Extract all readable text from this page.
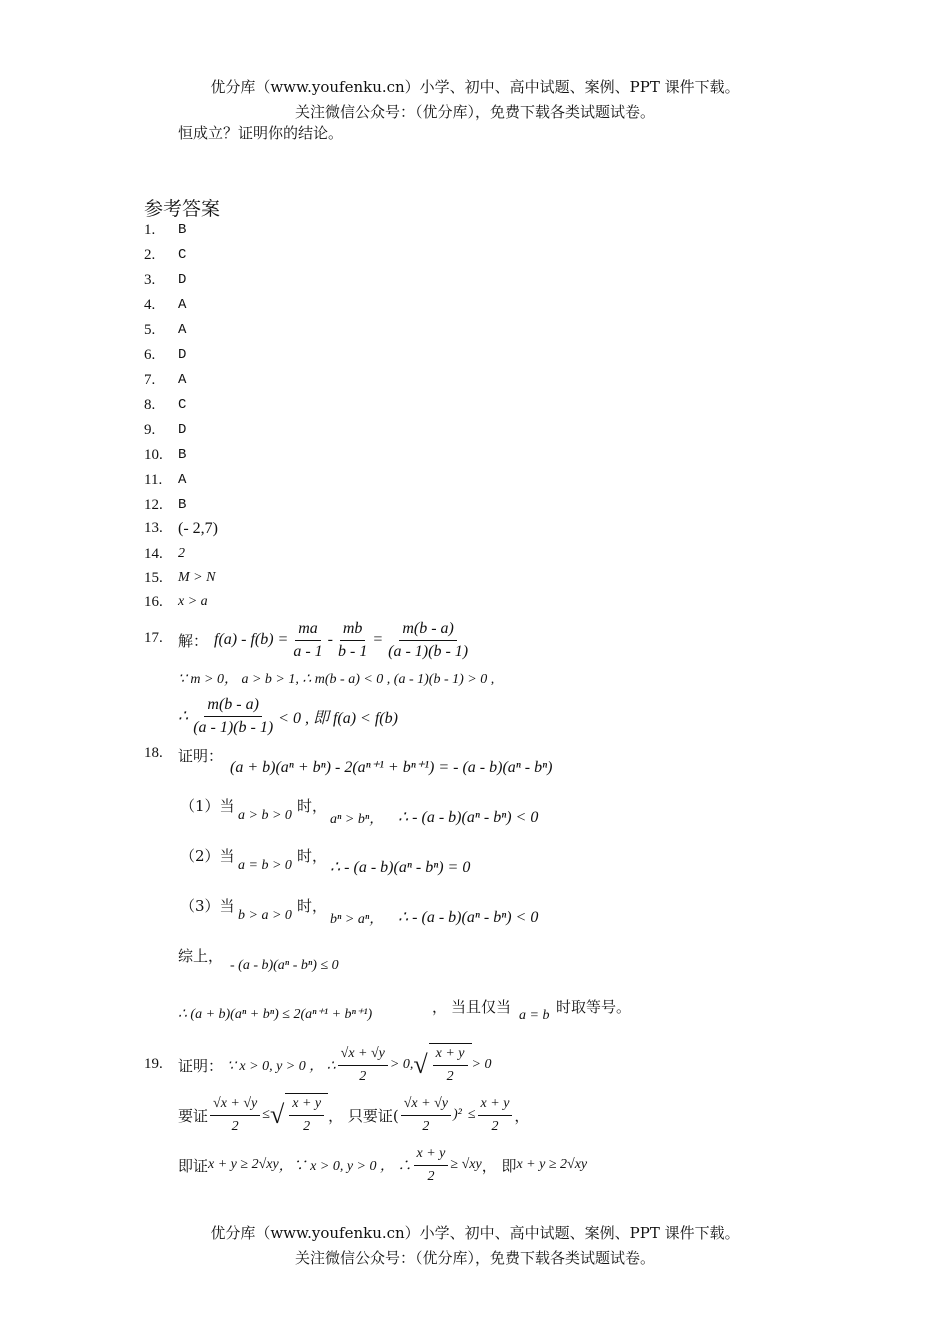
优分库（www.youfenku.cn）小学、初中、高中试题、案例、PPT 课件下载。
关注微信公众号：（优分库），免费下载各类试题试卷。
恒成立？证明你的结论。
参考答案
1. B
2. C
3. D
4. A
5. A
6. D
7. A
8. C
9. D
10. B
11. A
12. B
13. (- 2,7)
14. 2
15. M > N
16. x > a
17. 解： $f(a) - f(b) = \frac{ma}{a - 1} - \frac{mb}{b - 1} = \frac{m(b - a)}{(a - 1)(b - 1)}$
∵ m > 0， a > b > 1, ∴ m(b - a) < 0 , (a - 1)(b - 1) > 0 ,
∴ $\frac{m(b - a)}{(a - 1)(b - 1)} < 0$ , 即 f(a) < f(b)
18. 证明：
(a + b)(aⁿ + bⁿ) - 2(aⁿ⁺¹ + bⁿ⁺¹) = - (a - b)(aⁿ - bⁿ)
（1）当
a > b > 0
时，
aⁿ > bⁿ， ∴ - (a - b)(aⁿ - bⁿ) < 0
（2）当
a = b > 0
时，
∴ - (a - b)(aⁿ - bⁿ) = 0
（3）当
b > a > 0
时，
bⁿ > aⁿ， ∴ - (a - b)(aⁿ - bⁿ) < 0
综上，
- (a - b)(aⁿ - bⁿ) ≤ 0
∴ (a + b)(aⁿ + bⁿ) ≤ 2(aⁿ⁺¹ + bⁿ⁺¹)	， 当且仅当 a = b 时取等号。
19. 证明： ∵ x > 0, y > 0 ， ∴ $\frac{√x + √y}{2} > 0$, √ $\frac{x + y}{2} > 0$
要证 $\frac{√x + √y}{2}$ ≤ √ $\frac{x + y}{2}$ ， 只要证( $\frac{√x + √y}{2} )^2 \le \frac{x + y}{2}$ ，
即证 x + y ≥ 2√xy ，∵ x > 0, y > 0 ， ∴ $\frac{x + y}{2} \ge √xy$ ， 即 x + y ≥ 2√xy
优分库（www.youfenku.cn）小学、初中、高中试题、案例、PPT 课件下载。
关注微信公众号：（优分库），免费下载各类试题试卷。
